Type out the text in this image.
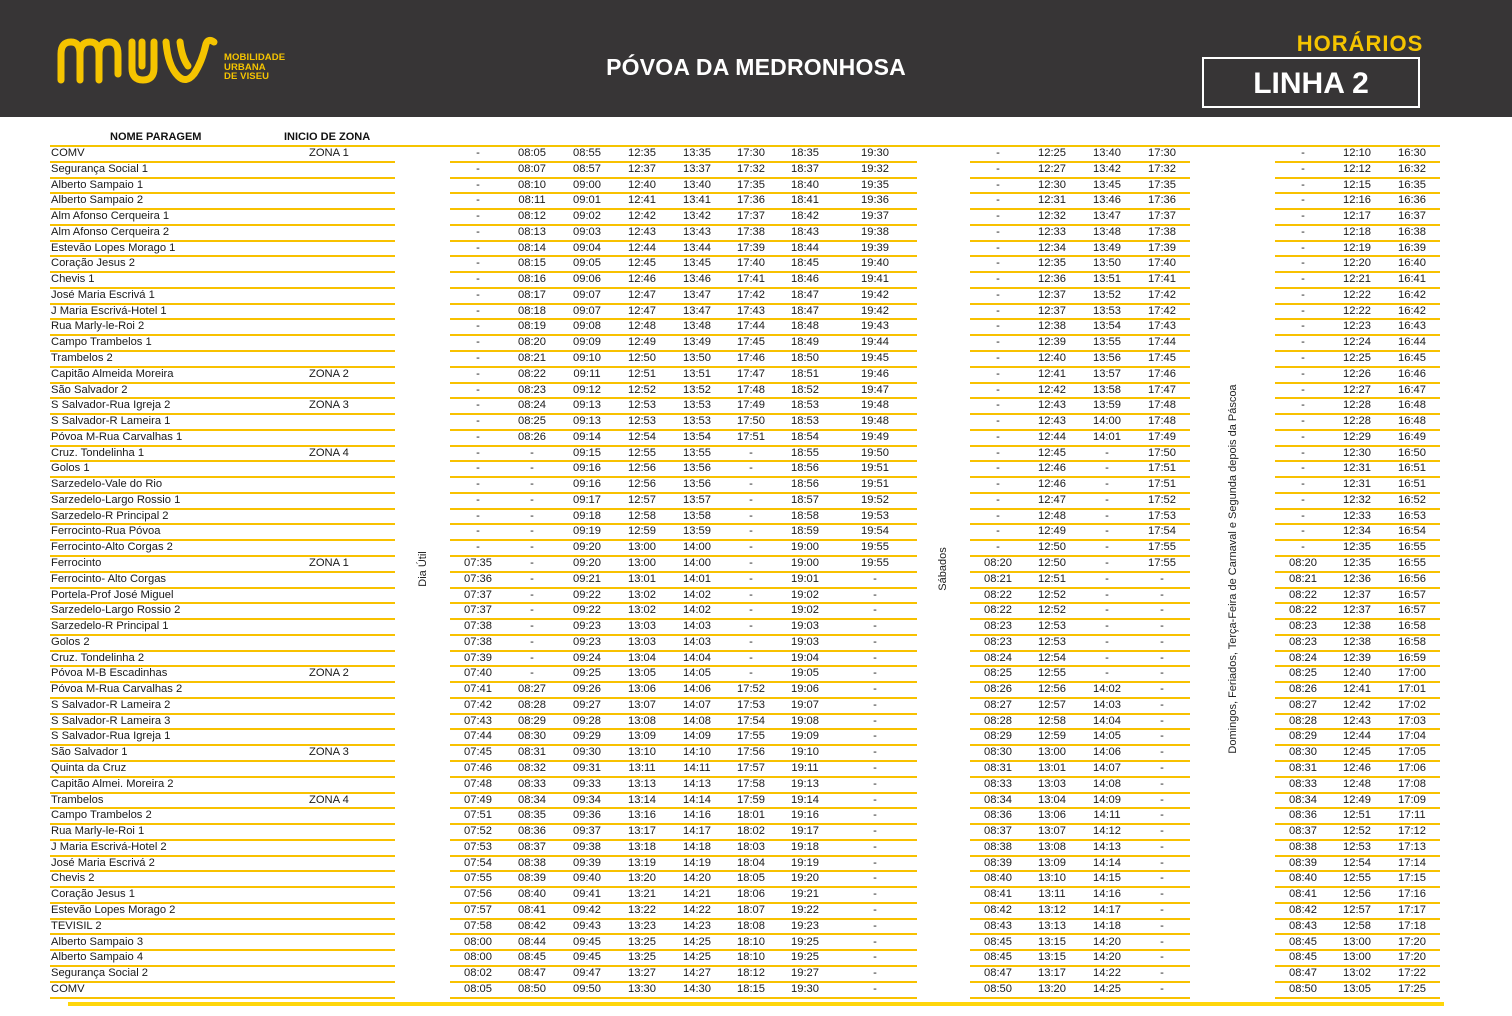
MOBILIDADE
URBANA
DE VISEU	PÓVOA DA MEDRONHOSA
HORÁRIOS
LINHA 2
NOME PARAGEM	INICIO DE ZONA
COMV	ZONA 1	-	08:05	08:55	12:35	13:35	17:30	18:35	19:30	-	12:25	13:40	17:30	-	12:10	16:30
Segurança Social 1	-	08:07	08:57	12:37	13:37	17:32	18:37	19:32	-	12:27	13:42	17:32	-	12:12	16:32
Alberto Sampaio 1	-	08:10	09:00	12:40	13:40	17:35	18:40	19:35	-	12:30	13:45	17:35	-	12:15	16:35
Alberto Sampaio 2	-	08:11	09:01	12:41	13:41	17:36	18:41	19:36	-	12:31	13:46	17:36	-	12:16	16:36
Alm Afonso Cerqueira 1	-	08:12	09:02	12:42	13:42	17:37	18:42	19:37	-	12:32	13:47	17:37	-	12:17	16:37
Alm Afonso Cerqueira 2	-	08:13	09:03	12:43	13:43	17:38	18:43	19:38	-	12:33	13:48	17:38	-	12:18	16:38
Estevão Lopes Morago 1	-	08:14	09:04	12:44	13:44	17:39	18:44	19:39	-	12:34	13:49	17:39	-	12:19	16:39
Coração Jesus 2	-	08:15	09:05	12:45	13:45	17:40	18:45	19:40	-	12:35	13:50	17:40	-	12:20	16:40
Chevis 1	-	08:16	09:06	12:46	13:46	17:41	18:46	19:41	-	12:36	13:51	17:41	-	12:21	16:41
José Maria Escrivá 1	-	08:17	09:07	12:47	13:47	17:42	18:47	19:42	-	12:37	13:52	17:42	-	12:22	16:42
J Maria Escrivá-Hotel 1	-	08:18	09:07	12:47	13:47	17:43	18:47	19:42	-	12:37	13:53	17:42	-	12:22	16:42
Rua Marly-le-Roi 2	-	08:19	09:08	12:48	13:48	17:44	18:48	19:43	-	12:38	13:54	17:43	-	12:23	16:43
Campo Trambelos 1	-	08:20	09:09	12:49	13:49	17:45	18:49	19:44	-	12:39	13:55	17:44	-	12:24	16:44
Trambelos 2	-	08:21	09:10	12:50	13:50	17:46	18:50	19:45	-	12:40	13:56	17:45	-	12:25	16:45
Capitão Almeida Moreira	ZONA 2	-	08:22	09:11	12:51	13:51	17:47	18:51	19:46	-	12:41	13:57	17:46	-	12:26	16:46
São Salvador 2	-	08:23	09:12	12:52	13:52	17:48	18:52	19:47	-	12:42	13:58	17:47	-	12:27	16:47
S Salvador-Rua Igreja 2	ZONA 3	-	08:24	09:13	12:53	13:53	17:49	18:53	19:48	-	12:43	13:59	17:48	-	12:28	16:48
S Salvador-R Lameira 1	-	08:25	09:13	12:53	13:53	17:50	18:53	19:48	-	12:43	14:00	17:48	-	12:28	16:48
Póvoa M-Rua Carvalhas 1	-	08:26	09:14	12:54	13:54	17:51	18:54	19:49	-	12:44	14:01	17:49	-	12:29	16:49
Cruz. Tondelinha 1	ZONA 4	-	-	09:15	12:55	13:55	-	18:55	19:50	-	12:45	-	17:50	-	12:30	16:50
Golos 1	-	-	09:16	12:56	13:56	-	18:56	19:51	-	12:46	-	17:51	-	12:31	16:51
Sarzedelo-Vale do Rio	-	-	09:16	12:56	13:56	-	18:56	19:51	-	12:46	-	17:51	-	12:31	16:51
Sarzedelo-Largo Rossio 1	-	-	09:17	12:57	13:57	-	18:57	19:52	-	12:47	-	17:52	-	12:32	16:52
Sarzedelo-R Principal 2	-	-	09:18	12:58	13:58	-	18:58	19:53	-	12:48	-	17:53	-	12:33	16:53
Ferrocinto-Rua Póvoa	-	-	09:19	12:59	13:59	-	18:59	19:54	-	12:49	-	17:54	-	12:34	16:54
Ferrocinto-Alto Corgas 2	-	-	09:20	13:00	14:00	-	19:00	19:55	-	12:50	-	17:55	-	12:35	16:55
Ferrocinto	ZONA 1	07:35	-	09:20	13:00	14:00	-	19:00	19:55	08:20	12:50	-	17:55	08:20	12:35	16:55
Ferrocinto- Alto Corgas	07:36	-	09:21	13:01	14:01	-	19:01	-	08:21	12:51	-	-	08:21	12:36	16:56
Portela-Prof José Miguel	07:37	-	09:22	13:02	14:02	-	19:02	-	08:22	12:52	-	-	08:22	12:37	16:57
Sarzedelo-Largo Rossio 2	07:37	-	09:22	13:02	14:02	-	19:02	-	08:22	12:52	-	-	08:22	12:37	16:57
Sarzedelo-R Principal 1	07:38	-	09:23	13:03	14:03	-	19:03	-	08:23	12:53	-	-	08:23	12:38	16:58
Golos 2	07:38	-	09:23	13:03	14:03	-	19:03	-	08:23	12:53	-	-	08:23	12:38	16:58
Cruz. Tondelinha 2	07:39	-	09:24	13:04	14:04	-	19:04	-	08:24	12:54	-	-	08:24	12:39	16:59
Póvoa M-B Escadinhas	ZONA 2	07:40	-	09:25	13:05	14:05	-	19:05	-	08:25	12:55	-	-	08:25	12:40	17:00
Póvoa M-Rua Carvalhas 2	07:41	08:27	09:26	13:06	14:06	17:52	19:06	-	08:26	12:56	14:02	-	08:26	12:41	17:01
S Salvador-R Lameira 2	07:42	08:28	09:27	13:07	14:07	17:53	19:07	-	08:27	12:57	14:03	-	08:27	12:42	17:02
S Salvador-R Lameira 3	07:43	08:29	09:28	13:08	14:08	17:54	19:08	-	08:28	12:58	14:04	-	08:28	12:43	17:03
S Salvador-Rua Igreja 1	07:44	08:30	09:29	13:09	14:09	17:55	19:09	-	08:29	12:59	14:05	-	08:29	12:44	17:04
São Salvador 1	ZONA 3	07:45	08:31	09:30	13:10	14:10	17:56	19:10	-	08:30	13:00	14:06	-	08:30	12:45	17:05
Quinta da Cruz	07:46	08:32	09:31	13:11	14:11	17:57	19:11	-	08:31	13:01	14:07	-	08:31	12:46	17:06
Capitão Almei. Moreira 2	07:48	08:33	09:33	13:13	14:13	17:58	19:13	-	08:33	13:03	14:08	-	08:33	12:48	17:08
Trambelos	ZONA 4	07:49	08:34	09:34	13:14	14:14	17:59	19:14	-	08:34	13:04	14:09	-	08:34	12:49	17:09
Campo Trambelos 2	07:51	08:35	09:36	13:16	14:16	18:01	19:16	-	08:36	13:06	14:11	-	08:36	12:51	17:11
Rua Marly-le-Roi 1	07:52	08:36	09:37	13:17	14:17	18:02	19:17	-	08:37	13:07	14:12	-	08:37	12:52	17:12
J Maria Escrivá-Hotel 2	07:53	08:37	09:38	13:18	14:18	18:03	19:18	-	08:38	13:08	14:13	-	08:38	12:53	17:13
José Maria Escrivá 2	07:54	08:38	09:39	13:19	14:19	18:04	19:19	-	08:39	13:09	14:14	-	08:39	12:54	17:14
Chevis 2	07:55	08:39	09:40	13:20	14:20	18:05	19:20	-	08:40	13:10	14:15	-	08:40	12:55	17:15
Coração Jesus 1	07:56	08:40	09:41	13:21	14:21	18:06	19:21	-	08:41	13:11	14:16	-	08:41	12:56	17:16
Estevão Lopes Morago 2	07:57	08:41	09:42	13:22	14:22	18:07	19:22	-	08:42	13:12	14:17	-	08:42	12:57	17:17
TEVISIL 2	07:58	08:42	09:43	13:23	14:23	18:08	19:23	-	08:43	13:13	14:18	-	08:43	12:58	17:18
Alberto Sampaio 3	08:00	08:44	09:45	13:25	14:25	18:10	19:25	-	08:45	13:15	14:20	-	08:45	13:00	17:20
Alberto Sampaio 4	08:00	08:45	09:45	13:25	14:25	18:10	19:25	-	08:45	13:15	14:20	-	08:45	13:00	17:20
Segurança Social 2	08:02	08:47	09:47	13:27	14:27	18:12	19:27	-	08:47	13:17	14:22	-	08:47	13:02	17:22
COMV	08:05	08:50	09:50	13:30	14:30	18:15	19:30	-	08:50	13:20	14:25	-	08:50	13:05	17:25
Dia Útil	Sábados	Domingos, Feriados, Terça-Feira de Carnaval e Segunda depois da Páscoa
